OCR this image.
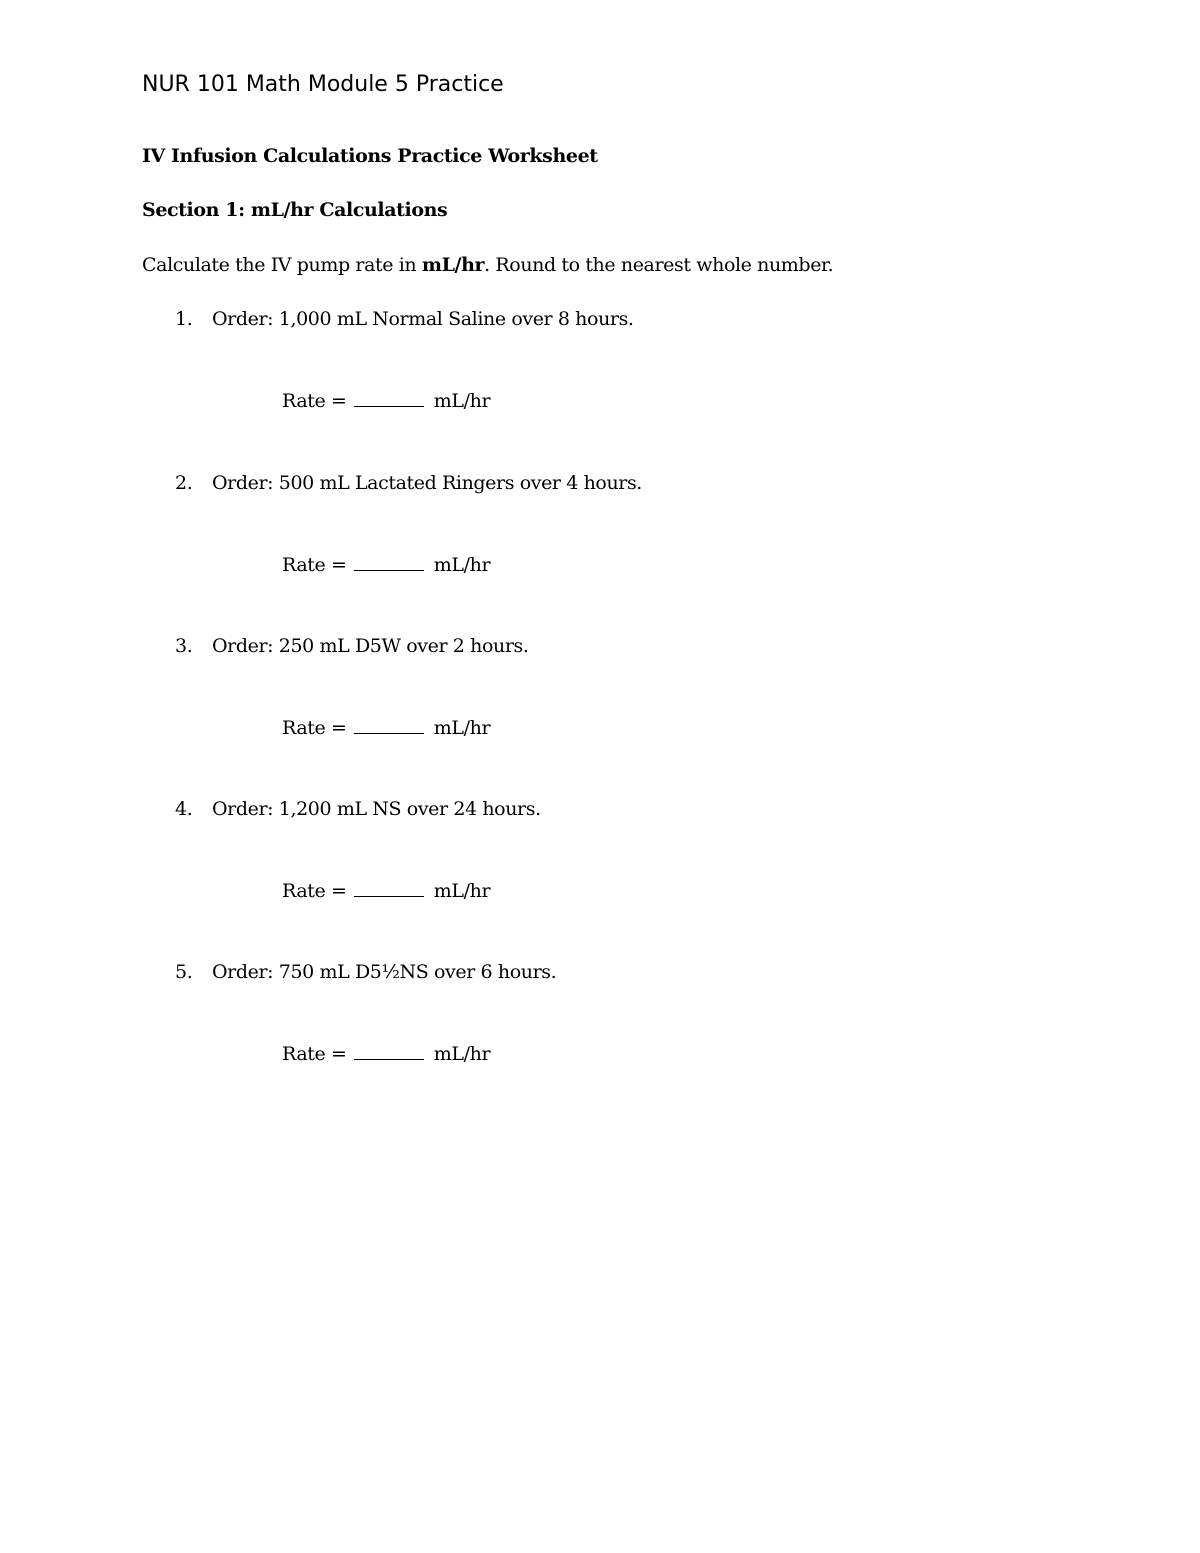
NUR 101 Math Module 5 Practice
IV Infusion Calculations Practice Worksheet
Section 1: mL/hr Calculations
Calculate the IV pump rate in mL/hr. Round to the nearest whole number.
1. Order: 1,000 mL Normal Saline over 8 hours.
Rate =	mL/hr
2. Order: 500 mL Lactated Ringers over 4 hours.
Rate =	mL/hr
3. Order: 250 mL D5W over 2 hours.
Rate =	mL/hr
4. Order: 1,200 mL NS over 24 hours.
Rate =	mL/hr
5. Order: 750 mL D5½NS over 6 hours.
Rate =	mL/hr
